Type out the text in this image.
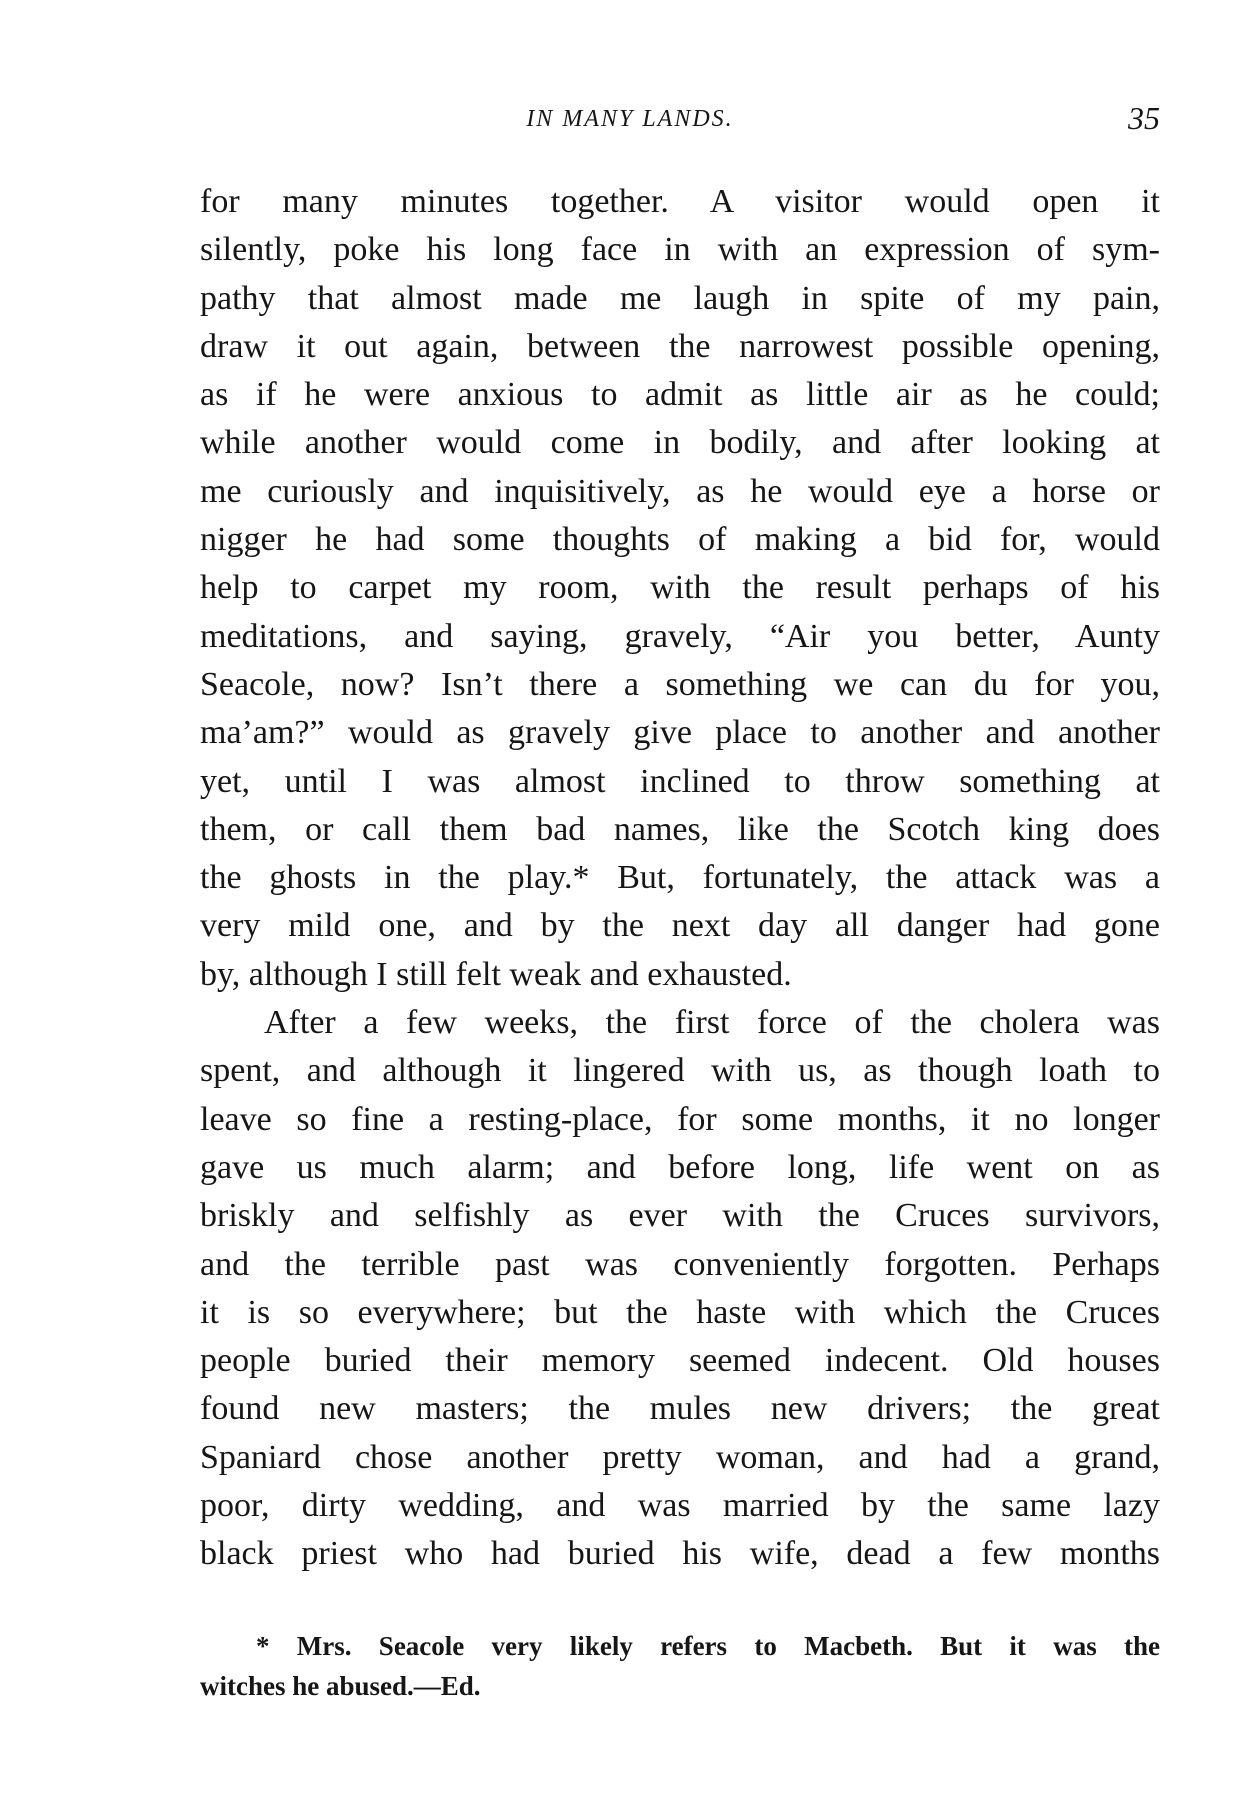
IN MANY LANDS.	35
for many minutes together. A visitor would open it
silently, poke his long face in with an expression of sym-
pathy that almost made me laugh in spite of my pain,
draw it out again, between the narrowest possible opening,
as if he were anxious to admit as little air as he could;
while another would come in bodily, and after looking at
me curiously and inquisitively, as he would eye a horse or
nigger he had some thoughts of making a bid for, would
help to carpet my room, with the result perhaps of his
meditations, and saying, gravely, “Air you better, Aunty
Seacole, now? Isn’t there a something we can du for you,
ma’am?” would as gravely give place to another and another
yet, until I was almost inclined to throw something at
them, or call them bad names, like the Scotch king does
the ghosts in the play.* But, fortunately, the attack was a
very mild one, and by the next day all danger had gone
by, although I still felt weak and exhausted.
After a few weeks, the first force of the cholera was
spent, and although it lingered with us, as though loath to
leave so fine a resting-place, for some months, it no longer
gave us much alarm; and before long, life went on as
briskly and selfishly as ever with the Cruces survivors,
and the terrible past was conveniently forgotten. Perhaps
it is so everywhere; but the haste with which the Cruces
people buried their memory seemed indecent. Old houses
found new masters; the mules new drivers; the great
Spaniard chose another pretty woman, and had a grand,
poor, dirty wedding, and was married by the same lazy
black priest who had buried his wife, dead a few months
* Mrs. Seacole very likely refers to Macbeth. But it was the
witches he abused.—Ed.
